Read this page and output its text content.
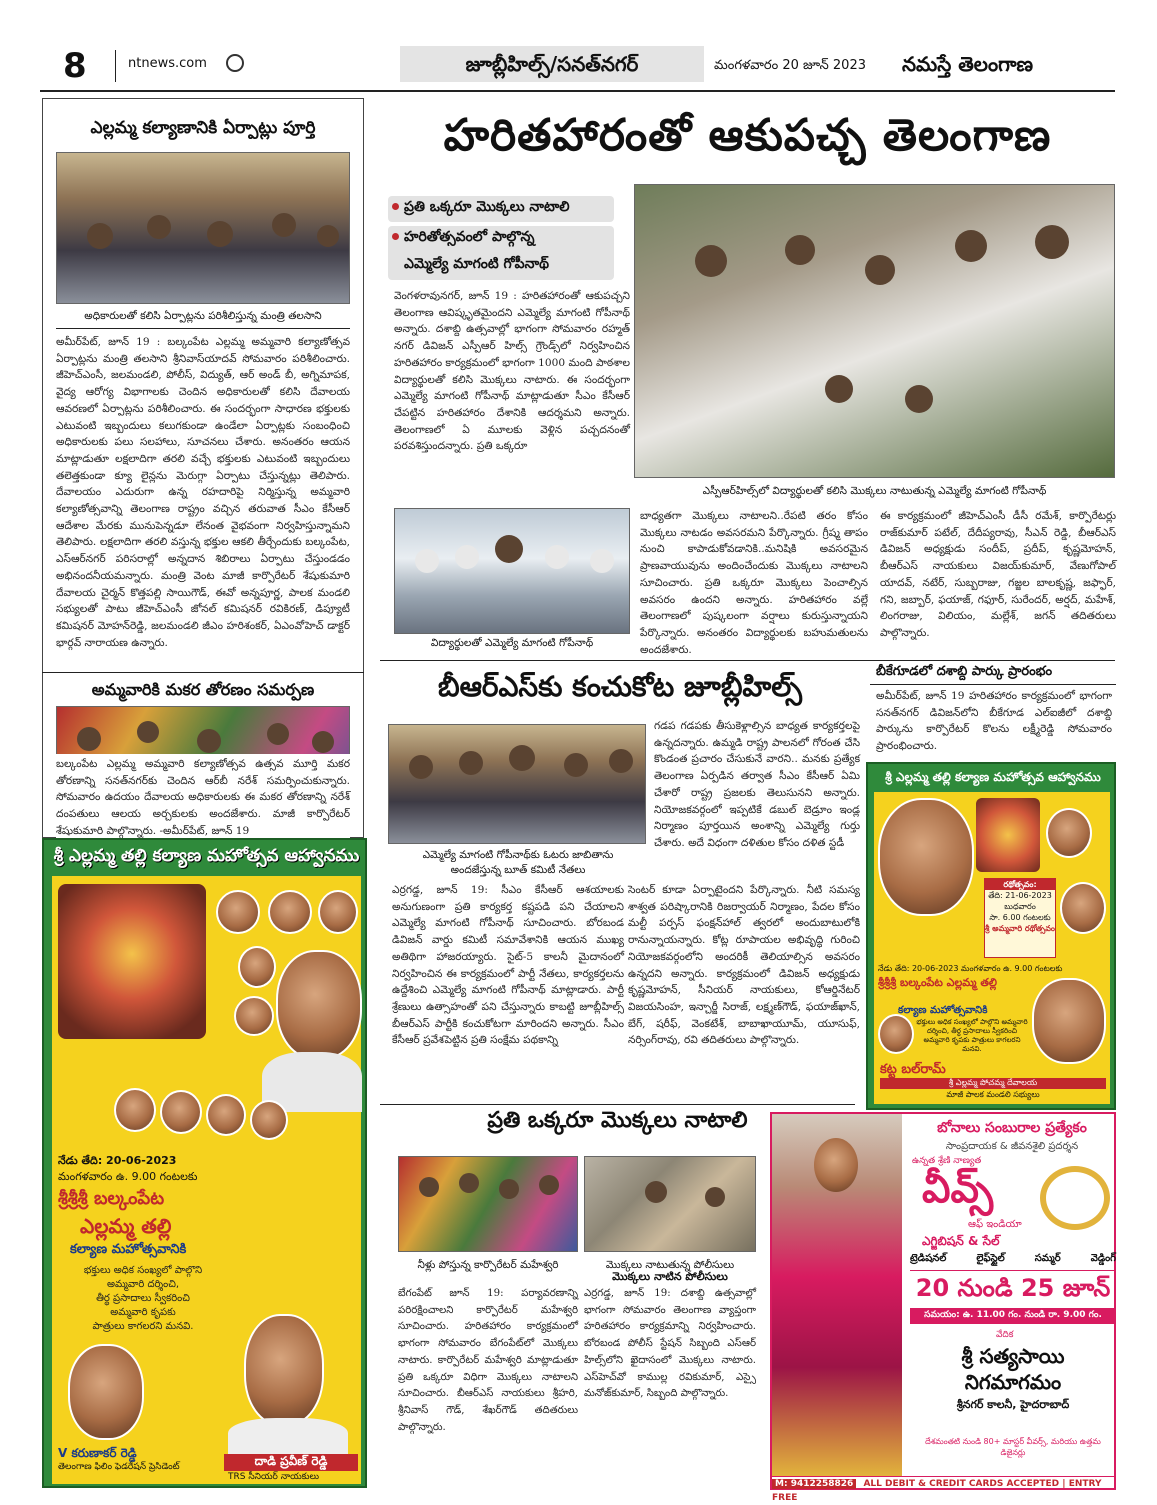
8	ntnews.com	జూబ్లీహిల్స్/సనత్‌నగర్	మంగళవారం 20 జూన్ 2023 నమస్తే తెలంగాణ
ఎల్లమ్మ కల్యాణానికి ఏర్పాట్లు పూర్తి
అధికారులతో కలిసి ఏర్పాట్లను పరిశీలిస్తున్న మంత్రి తలసాని
అమీర్‌పేట్, జూన్ 19 : బల్కంపేట ఎల్లమ్మ అమ్మవారి కల్యాణోత్సవ ఏర్పాట్లను మంత్రి తలసాని శ్రీనివాస్‌యాదవ్ సోమవారం పరిశీలించారు. జీహెచ్ఎంసీ, జలమండలి, పోలీస్, విద్యుత్, ఆర్ అండ్ బీ, అగ్నిమాపక, వైద్య ఆరోగ్య విభాగాలకు చెందిన అధికారులతో కలిసి దేవాలయ ఆవరణలో ఏర్పాట్లను పరిశీలించారు. ఈ సందర్భంగా సాధారణ భక్తులకు ఎటువంటి ఇబ్బందులు కలుగకుండా ఉండేలా ఏర్పాట్లకు సంబంధించి అధికారులకు పలు సలహాలు, సూచనలు చేశారు. అనంతరం ఆయన మాట్లాడుతూ లక్షలాదిగా తరలి వచ్చే భక్తులకు ఎటువంటి ఇబ్బందులు తలెత్తకుండా క్యూ లైన్లను మెరుగ్గా ఏర్పాటు చేస్తున్నట్లు తెలిపారు. దేవాలయం ఎదురుగా ఉన్న రహదారిపై నిర్మిస్తున్న అమ్మవారి కల్యాణోత్సవాన్ని తెలంగాణ రాష్ట్రం వచ్చిన తరువాత సీఎం కేసీఆర్ ఆదేశాల మేరకు మునుపెన్నడూ లేనంత వైభవంగా నిర్వహిస్తున్నామని తెలిపారు. లక్షలాదిగా తరలి వస్తున్న భక్తుల ఆకలి తీర్చేందుకు బల్కంపేట, ఎస్ఆర్‌నగర్ పరిసరాల్లో అన్నదాన శిబిరాలు ఏర్పాటు చేస్తుండడం అభినందనీయమన్నారు. మంత్రి వెంట మాజీ కార్పొరేటర్ శేషుకుమారి దేవాలయ చైర్మన్ కొత్తపల్లి సాయిగౌడ్, ఈవో అన్నపూర్ణ, పాలక మండలి సభ్యులతో పాటు జీహెచ్ఎంసీ జోనల్ కమిషనర్ రవికిరణ్, డిప్యూటీ కమిషనర్ మోహన్‌రెడ్డి, జలమండలి జీఎం హరిశంకర్, ఏఎంవోహెచ్ డాక్టర్ భార్గవ్ నారాయణ ఉన్నారు.
అమ్మవారికి మకర తోరణం సమర్పణ
బల్కంపేట ఎల్లమ్మ అమ్మవారి కల్యాణోత్సవ ఉత్సవ మూర్తి మకర తోరణాన్ని సనత్‌నగర్‌కు చెందిన ఆర్‌బీ నరేశ్ సమర్పించుకున్నారు. సోమవారం ఉదయం దేవాలయ అధికారులకు ఈ మకర తోరణాన్ని నరేశ్ దంపతులు ఆలయ అర్చకులకు అందజేశారు. మాజీ కార్పొరేటర్ శేషుకుమారి పాల్గొన్నారు. -అమీర్‌పేట్, జూన్ 19
శ్రీ ఎల్లమ్మ తల్లి కల్యాణ మహోత్సవ ఆహ్వానము
నేడు తేది: 20-06-2023
మంగళవారం ఉ. 9.00 గంటలకు
శ్రీశ్రీశ్రీ బల్కంపేట
ఎల్లమ్మ తల్లి
కల్యాణ మహోత్సవానికి
భక్తులు అధిక సంఖ్యలో పాల్గొని
అమ్మవారి దర్శించి,
తీర్థ ప్రసాదాలు స్వీకరించి
అమ్మవారి కృపకు
పాత్రులు కాగలరని మనవి.
V కరుణాకర్ రెడ్డి
తెలంగాణ ఫిలిం ఫెడరేషన్ ప్రెసిడెంట్	దాడి ప్రవీణ్ రెడ్డి
TRS సీనియర్ నాయకులు
హరితహారంతో ఆకుపచ్చ తెలంగాణ
ప్రతి ఒక్కరూ మొక్కలు నాటాలి
హరితోత్సవంలో పాల్గొన్న
ఎమ్మెల్యే మాగంటి గోపీనాథ్
వెంగళరావునగర్, జూన్ 19 : హరితహారంతో ఆకుపచ్చని తెలంగాణ ఆవిష్కృతమైందని ఎమ్మెల్యే మాగంటి గోపీనాథ్ అన్నారు. దశాబ్ది ఉత్సవాల్లో భాగంగా సోమవారం రహ్మత్ నగర్ డివిజన్ ఎస్పీఆర్ హిల్స్ గ్రౌండ్స్‌లో నిర్వహించిన హరితహారం కార్యక్రమంలో భాగంగా 1000 మంది పాఠశాల విద్యార్థులతో కలిసి మొక్కలు నాటారు. ఈ సందర్భంగా ఎమ్మెల్యే మాగంటి గోపీనాథ్ మాట్లాడుతూ సీఎం కేసీఆర్ చేపట్టిన హరితహారం దేశానికి ఆదర్శమని అన్నారు. తెలంగాణలో ఏ మూలకు వెళ్లిన పచ్చదనంతో పరవశిస్తుందన్నారు. ప్రతి ఒక్కరూ
ఎస్పీఆర్‌హిల్స్‌లో విద్యార్థులతో కలిసి మొక్కలు నాటుతున్న ఎమ్మెల్యే మాగంటి గోపీనాథ్
విద్యార్థులతో ఎమ్మెల్యే మాగంటి గోపీనాథ్
బాధ్యతగా మొక్కలు నాటాలని..రేపటి తరం కోసం మొక్కలు నాటడం అవసరమని పేర్కొన్నారు. గ్రీష్మ తాపం నుంచి కాపాడుకోవడానికి..మనిషికి అవసరమైన ప్రాణవాయువును అందించేందుకు మొక్కలు నాటాలని సూచించారు. ప్రతి ఒక్కరూ మొక్కలు పెంచాల్సిన అవసరం ఉందని అన్నారు. హరితహారం వల్లే తెలంగాణలో పుష్కలంగా వర్షాలు కురుస్తున్నాయని పేర్కొన్నారు. అనంతరం విద్యార్థులకు బహుమతులను అందజేశారు.
ఈ కార్యక్రమంలో జీహెచ్ఎంసీ డీసీ రమేశ్, కార్పొరేటర్లు రాజ్‌కుమార్ పటేల్, దేదీప్యరావు, సీఎన్ రెడ్డి, బీఆర్ఎస్ డివిజన్ అధ్యక్షుడు సందీప్, ప్రదీప్, కృష్ణమోహన్, బీఆర్ఎస్ నాయకులు విజయ్‌కుమార్, వేణుగోపాల్ యాదవ్, నటేర్, సుబ్బరాజు, గజ్జల బాలకృష్ణ, జఫ్ఫార్, గని, జబ్బార్, ఫయాజ్, గఫూర్, సురేందర్, అర్షద్, మహేశ్, లింగరాజు, విలియం, మల్లేశ్, జగన్ తదితరులు పాల్గొన్నారు.
బీకేగూడలో దశాబ్ది పార్కు ప్రారంభం
అమీర్‌పేట్, జూన్ 19 హరితహారం కార్యక్రమంలో భాగంగా సనత్‌నగర్ డివిజన్‌లోని బీకేగూడ ఎల్ఐజీలో దశాబ్ది పార్కును కార్పొరేటర్ కొలను లక్ష్మీరెడ్డి సోమవారం ప్రారంభించారు.
శ్రీ ఎల్లమ్మ తల్లి కల్యాణ మహోత్సవ ఆహ్వానము
రథోత్సవం:
తేది: 21-06-2023
బుధవారం
సా. 6.00 గంటలకు
శ్రీ అమ్మవారి రథోత్సవం
నేడు తేది: 20-06-2023 మంగళవారం ఉ. 9.00 గంటలకు
శ్రీశ్రీశ్రీ బల్కంపేట ఎల్లమ్మ తల్లి
కల్యాణ మహోత్సవానికి
భక్తులు అధిక సంఖ్యలో పాల్గొని అమ్మవారి దర్శించి, తీర్థ ప్రసాదాలు స్వీకరించి అమ్మవారి కృపకు పాత్రులు కాగలరని మనవి.
కట్ట బల్‌రామ్
శ్రీ ఎల్లమ్మ పోచమ్మ దేవాలయ
మాజీ పాలక మండలి సభ్యులు
బీఆర్ఎస్‌కు కంచుకోట జూబ్లీహిల్స్
ఎమ్మెల్యే మాగంటి గోపీనాథ్‌కు ఓటరు జాబితాను అందజేస్తున్న బూత్ కమిటీ నేతలు
గడప గడపకు తీసుకెళ్లాల్సిన బాధ్యత కార్యకర్తలపై ఉన్నదన్నారు. ఉమ్మడి రాష్ట్ర పాలనలో గోరంత చేసి కొండంత ప్రచారం చేసుకునే వారని.. మనకు ప్రత్యేక తెలంగాణ ఏర్పడిన తర్వాత సీఎం కేసీఆర్ ఏమి చేశారో రాష్ట్ర ప్రజలకు తెలుసునని అన్నారు. నియోజకవర్గంలో ఇప్పటికే డబుల్ బెడ్రూం ఇండ్ల నిర్మాణం పూర్తయిన అంశాన్ని ఎమ్మెల్యే గుర్తు చేశారు. అదే విధంగా దళితుల కోసం దళిత స్టడీ
ఎర్రగడ్డ, జూన్ 19: సీఎం కేసీఆర్ ఆశయాలకు అనుగుణంగా ప్రతి కార్యకర్త కష్టపడి పని చేయాలని ఎమ్మెల్యే మాగంటి గోపీనాథ్ సూచించారు. బోరబండ డివిజన్ వార్డు కమిటీ సమావేశానికి ఆయన ముఖ్య అతిథిగా హాజరయ్యారు. సైట్-5 కాలనీ మైదానంలో నిర్వహించిన ఈ కార్యక్రమంలో పార్టీ నేతలు, కార్యకర్తలను ఉద్దేశించి ఎమ్మెల్యే మాగంటి గోపీనాథ్ మాట్లాడారు. పార్టీ శ్రేణులు ఉత్సాహంతో పని చేస్తున్నారు కాబట్టి జూబ్లీహిల్స్ బీఆర్ఎస్ పార్టీకి కంచుకోటగా మారిందని అన్నారు. సీఎం కేసీఆర్ ప్రవేశపెట్టిన ప్రతి సంక్షేమ పథకాన్ని
సెంటర్ కూడా ఏర్పాటైందని పేర్కొన్నారు. నీటి సమస్య శాశ్వత పరిష్కారానికి రిజర్వాయర్ నిర్మాణం, పేదల కోసం మల్టీ పర్పస్ ఫంక్షన్‌హాల్ త్వరలో అందుబాటులోకి రానున్నాయన్నారు. కోట్ల రూపాయల అభివృద్ధి గురించి నియోజకవర్గంలోని అందరికీ తెలియాల్సిన అవసరం ఉన్నదని అన్నారు. కార్యక్రమంలో డివిజన్ అధ్యక్షుడు కృష్ణమోహన్, సీనియర్ నాయకులు, కోఆర్డినేటర్ విజయసింహ, ఇన్చార్జీ సిరాజ్, లక్ష్మణ్‌గౌడ్, ఫయాజ్‌ఖాన్, బేగ్, షరీఫ్, వెంకటేశ్, బాబాఖాయూమ్, యూసుఫ్, నర్సింగ్‌రావు, రవి తదితరులు పాల్గొన్నారు.
ప్రతి ఒక్కరూ మొక్కలు నాటాలి
నీళ్లు పోస్తున్న కార్పొరేటర్ మహేశ్వరి	మొక్కలు నాటుతున్న పోలీసులు
మొక్కలు నాటిన పోలీసులు
బేగంపేట్ జూన్ 19: పర్యావరణాన్ని పరిరక్షించాలని కార్పొరేటర్ మహేశ్వరి సూచించారు. హరితహారం కార్యక్రమంలో భాగంగా సోమవారం బేగంపేట్‌లో మొక్కలు నాటారు. కార్పొరేటర్ మహేశ్వరి మాట్లాడుతూ ప్రతి ఒక్కరూ విధిగా మొక్కలు నాటాలని సూచించారు. బీఆర్ఎస్ నాయకులు శ్రీహరి, శ్రీనివాస్ గౌడ్, శేఖర్‌గౌడ్ తదితరులు పాల్గొన్నారు.
ఎర్రగడ్డ, జూన్ 19: దశాబ్ది ఉత్సవాల్లో భాగంగా సోమవారం తెలంగాణ వ్యాప్తంగా హరితహారం కార్యక్రమాన్ని నిర్వహించారు. బోరబండ పోలీస్ స్టేషన్ సిబ్బంది ఎస్ఆర్ హిల్స్‌లోని ఖైదాసంలో మొక్కలు నాటారు. ఎస్‌హెచ్‌వో కాముల్ల రవికుమార్, ఎస్సై మనోజ్‌కుమార్, సిబ్బంది పాల్గొన్నారు.
బోనాలు సంబురాల ప్రత్యేకం
సాంప్రదాయక & జీవనశైలి ప్రదర్శన
ఉన్నత శ్రేణి నాణ్యత
వీవ్స్
ఆఫ్ ఇండియా
ఎగ్జిబిషన్ & సేల్
ట్రెడిషనల్	లైఫ్‌స్టైల్	సమ్మర్	వెడ్డింగ్
20 నుండి 25 జూన్
సమయం: ఉ. 11.00 గం. నుండి రా. 9.00 గం.
వేదిక
శ్రీ సత్యసాయి
నిగమాగమం
శ్రీనగర్ కాలనీ, హైదరాబాద్
దేశమంతటి నుండి 80+ మాస్టర్ వీవర్స్, మరియు ఉత్తమ డిజైనర్లు
M: 9412258826 ALL DEBIT & CREDIT CARDS ACCEPTED | ENTRY FREE
